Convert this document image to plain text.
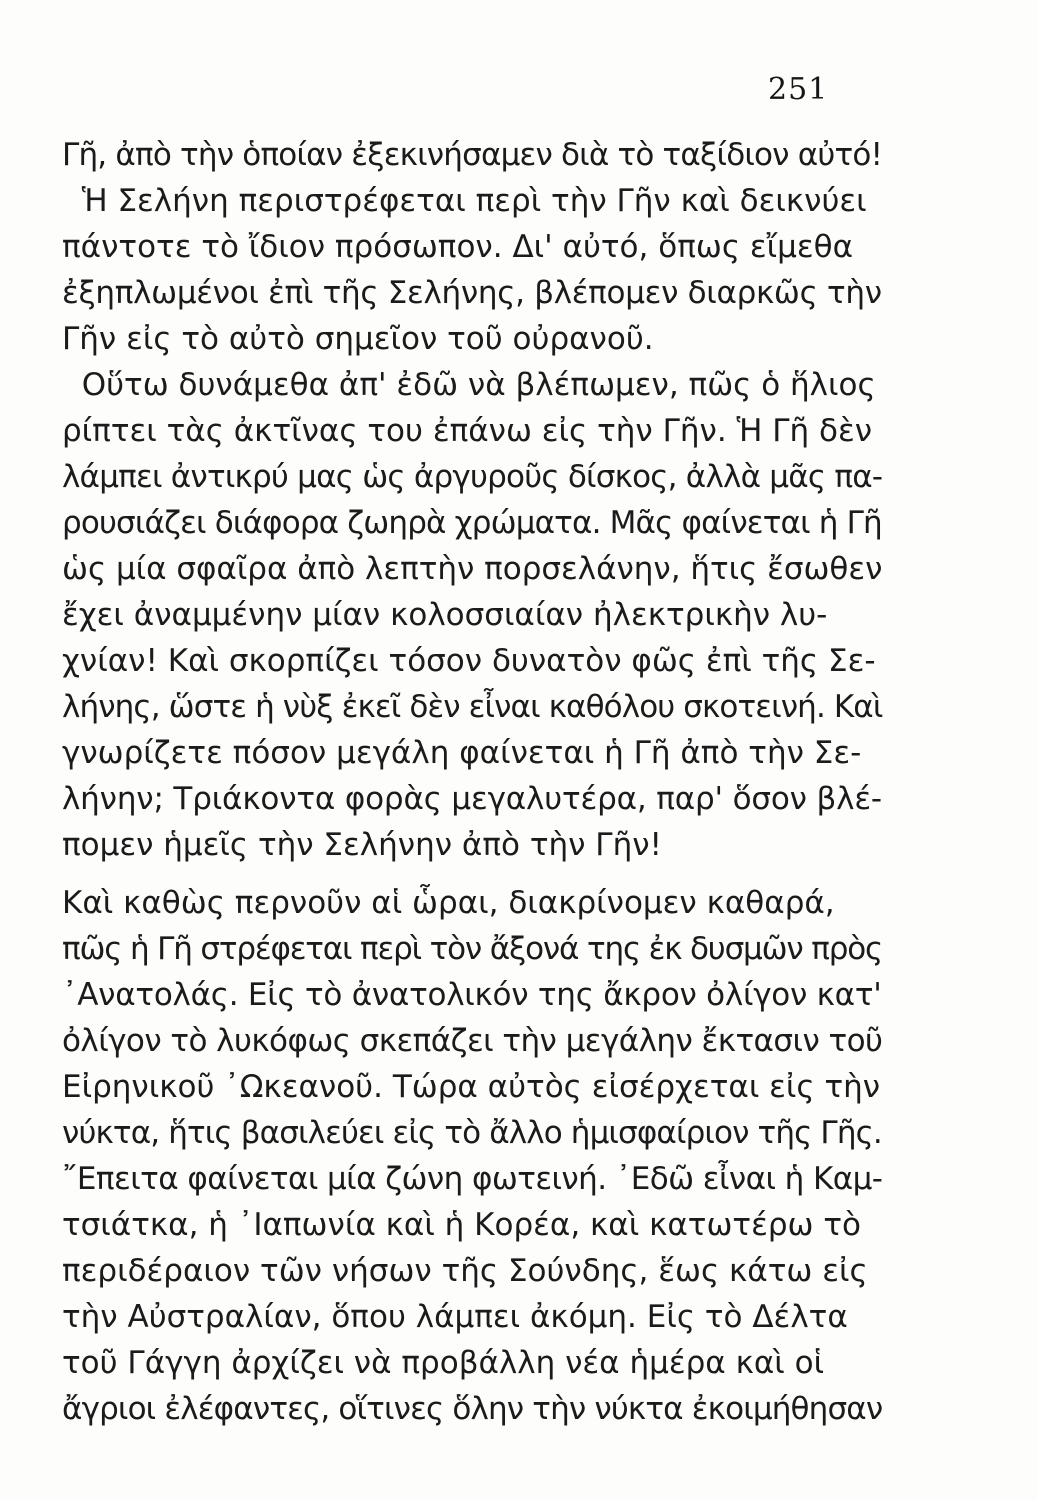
251
Γῆ, ἀπὸ τὴν ὁποίαν ἐξεκινήσαμεν διὰ τὸ ταξίδιον αὐτό!
Ἡ Σελήνη περιστρέφεται περὶ τὴν Γῆν καὶ δεικνύει
πάντοτε τὸ ἴδιον πρόσωπον. Δι' αὐτό, ὅπως εἴμεθα
ἐξηπλωμένοι ἐπὶ τῆς Σελήνης, βλέπομεν διαρκῶς τὴν
Γῆν εἰς τὸ αὐτὸ σημεῖον τοῦ οὐρανοῦ.
Οὕτω δυνάμεθα ἀπ' ἐδῶ νὰ βλέπωμεν, πῶς ὁ ἥλιος
ρίπτει τὰς ἀκτῖνας του ἐπάνω εἰς τὴν Γῆν. Ἡ Γῆ δὲν
λάμπει ἀντικρύ μας ὡς ἀργυροῦς δίσκος, ἀλλὰ μᾶς πα-
ρουσιάζει διάφορα ζωηρὰ χρώματα. Μᾶς φαίνεται ἡ Γῆ
ὡς μία σφαῖρα ἀπὸ λεπτὴν πορσελάνην, ἥτις ἔσωθεν
ἔχει ἀναμμένην μίαν κολοσσιαίαν ἠλεκτρικὴν λυ-
χνίαν! Καὶ σκορπίζει τόσον δυνατὸν φῶς ἐπὶ τῆς Σε-
λήνης, ὥστε ἡ νὺξ ἐκεῖ δὲν εἶναι καθόλου σκοτεινή. Καὶ
γνωρίζετε πόσον μεγάλη φαίνεται ἡ Γῆ ἀπὸ τὴν Σε-
λήνην; Τριάκοντα φορὰς μεγαλυτέρα, παρ' ὅσον βλέ-
πομεν ἡμεῖς τὴν Σελήνην ἀπὸ τὴν Γῆν!
Καὶ καθὼς περνοῦν αἱ ὧραι, διακρίνομεν καθαρά,
πῶς ἡ Γῆ στρέφεται περὶ τὸν ἄξονά της ἐκ δυσμῶν πρὸς
᾿Ανατολάς. Εἰς τὸ ἀνατολικόν της ἄκρον ὀλίγον κατ'
ὀλίγον τὸ λυκόφως σκεπάζει τὴν μεγάλην ἔκτασιν τοῦ
Εἰρηνικοῦ ᾿Ωκεανοῦ. Τώρα αὐτὸς εἰσέρχεται εἰς τὴν
νύκτα, ἥτις βασιλεύει εἰς τὸ ἄλλο ἡμισφαίριον τῆς Γῆς.
῎Επειτα φαίνεται μία ζώνη φωτεινή. ᾿Εδῶ εἶναι ἡ Καμ-
τσιάτκα, ἡ ᾿Ιαπωνία καὶ ἡ Κορέα, καὶ κατωτέρω τὸ
περιδέραιον τῶν νήσων τῆς Σούνδης, ἕως κάτω εἰς
τὴν Αὐστραλίαν, ὅπου λάμπει ἀκόμη. Εἰς τὸ Δέλτα
τοῦ Γάγγη ἀρχίζει νὰ προβάλλη νέα ἡμέρα καὶ οἱ
ἄγριοι ἐλέφαντες, οἵτινες ὅλην τὴν νύκτα ἐκοιμήθησαν
